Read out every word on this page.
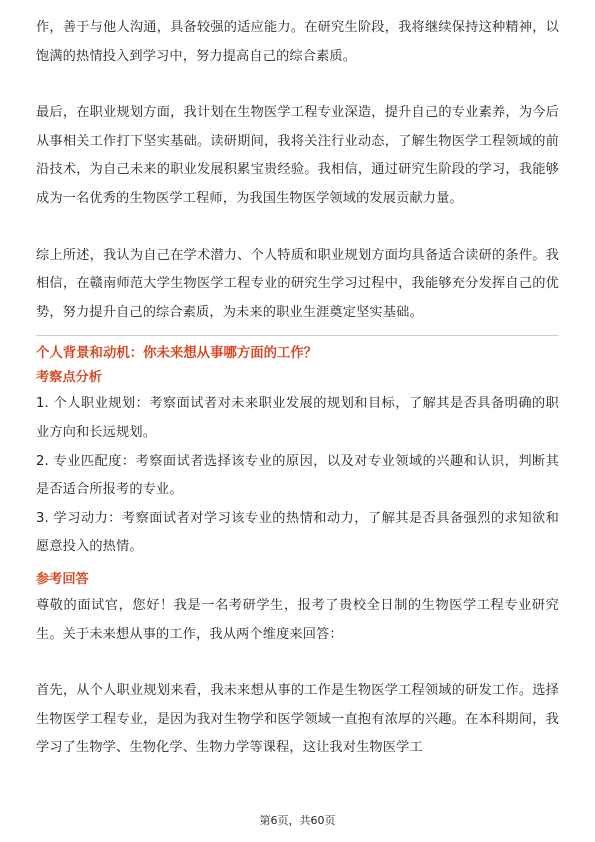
作，善于与他人沟通，具备较强的适应能力。在研究生阶段，我将继续保持这种精神，以饱满的热情投入到学习中，努力提高自己的综合素质。

最后，在职业规划方面，我计划在生物医学工程专业深造，提升自己的专业素养，为今后从事相关工作打下坚实基础。读研期间，我将关注行业动态，了解生物医学工程领域的前沿技术，为自己未来的职业发展积累宝贵经验。我相信，通过研究生阶段的学习，我能够成为一名优秀的生物医学工程师，为我国生物医学领域的发展贡献力量。

综上所述，我认为自己在学术潜力、个人特质和职业规划方面均具备适合读研的条件。我相信，在赣南师范大学生物医学工程专业的研究生学习过程中，我能够充分发挥自己的优势，努力提升自己的综合素质，为未来的职业生涯奠定坚实基础。

个人背景和动机：你未来想从事哪方面的工作？

考察点分析

1. 个人职业规划：考察面试者对未来职业发展的规划和目标，了解其是否具备明确的职业方向和长远规划。

2. 专业匹配度：考察面试者选择该专业的原因，以及对专业领域的兴趣和认识，判断其是否适合所报考的专业。

3. 学习动力：考察面试者对学习该专业的热情和动力，了解其是否具备强烈的求知欲和愿意投入的热情。

参考回答

尊敬的面试官，您好！我是一名考研学生，报考了贵校全日制的生物医学工程专业研究生。关于未来想从事的工作，我从两个维度来回答：

首先，从个人职业规划来看，我未来想从事的工作是生物医学工程领域的研发工作。选择生物医学工程专业，是因为我对生物学和医学领域一直抱有浓厚的兴趣。在本科期间，我学习了生物学、生物化学、生物力学等课程，这让我对生物医学工

第6页，共60页
